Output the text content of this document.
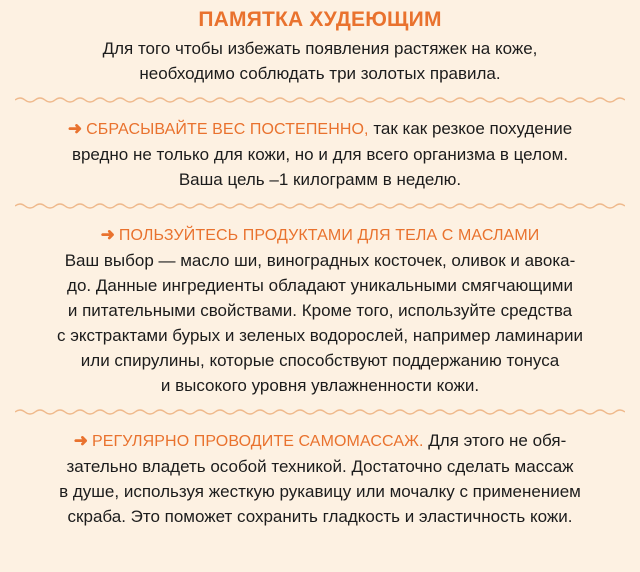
ПАМЯТКА ХУДЕЮЩИМ

Для того чтобы избежать появления растяжек на коже,
необходимо соблюдать три золотых правила.

➜ СБРАСЫВАЙТЕ ВЕС ПОСТЕПЕННО, так как резкое похудение
вредно не только для кожи, но и для всего организма в целом.
Ваша цель –1 килограмм в неделю.

➜ ПОЛЬЗУЙТЕСЬ ПРОДУКТАМИ ДЛЯ ТЕЛА С МАСЛАМИ
Ваш выбор — масло ши, виноградных косточек, оливок и авока-
до. Данные ингредиенты обладают уникальными смягчающими
и питательными свойствами. Кроме того, используйте средства
с экстрактами бурых и зеленых водорослей, например ламинарии
или спирулины, которые способствуют поддержанию тонуса
и высокого уровня увлажненности кожи.

➜ РЕГУЛЯРНО ПРОВОДИТЕ САМОМАССАЖ. Для этого не обя-
зательно владеть особой техникой. Достаточно сделать массаж
в душе, используя жесткую рукавицу или мочалку с применением
скраба. Это поможет сохранить гладкость и эластичность кожи.
